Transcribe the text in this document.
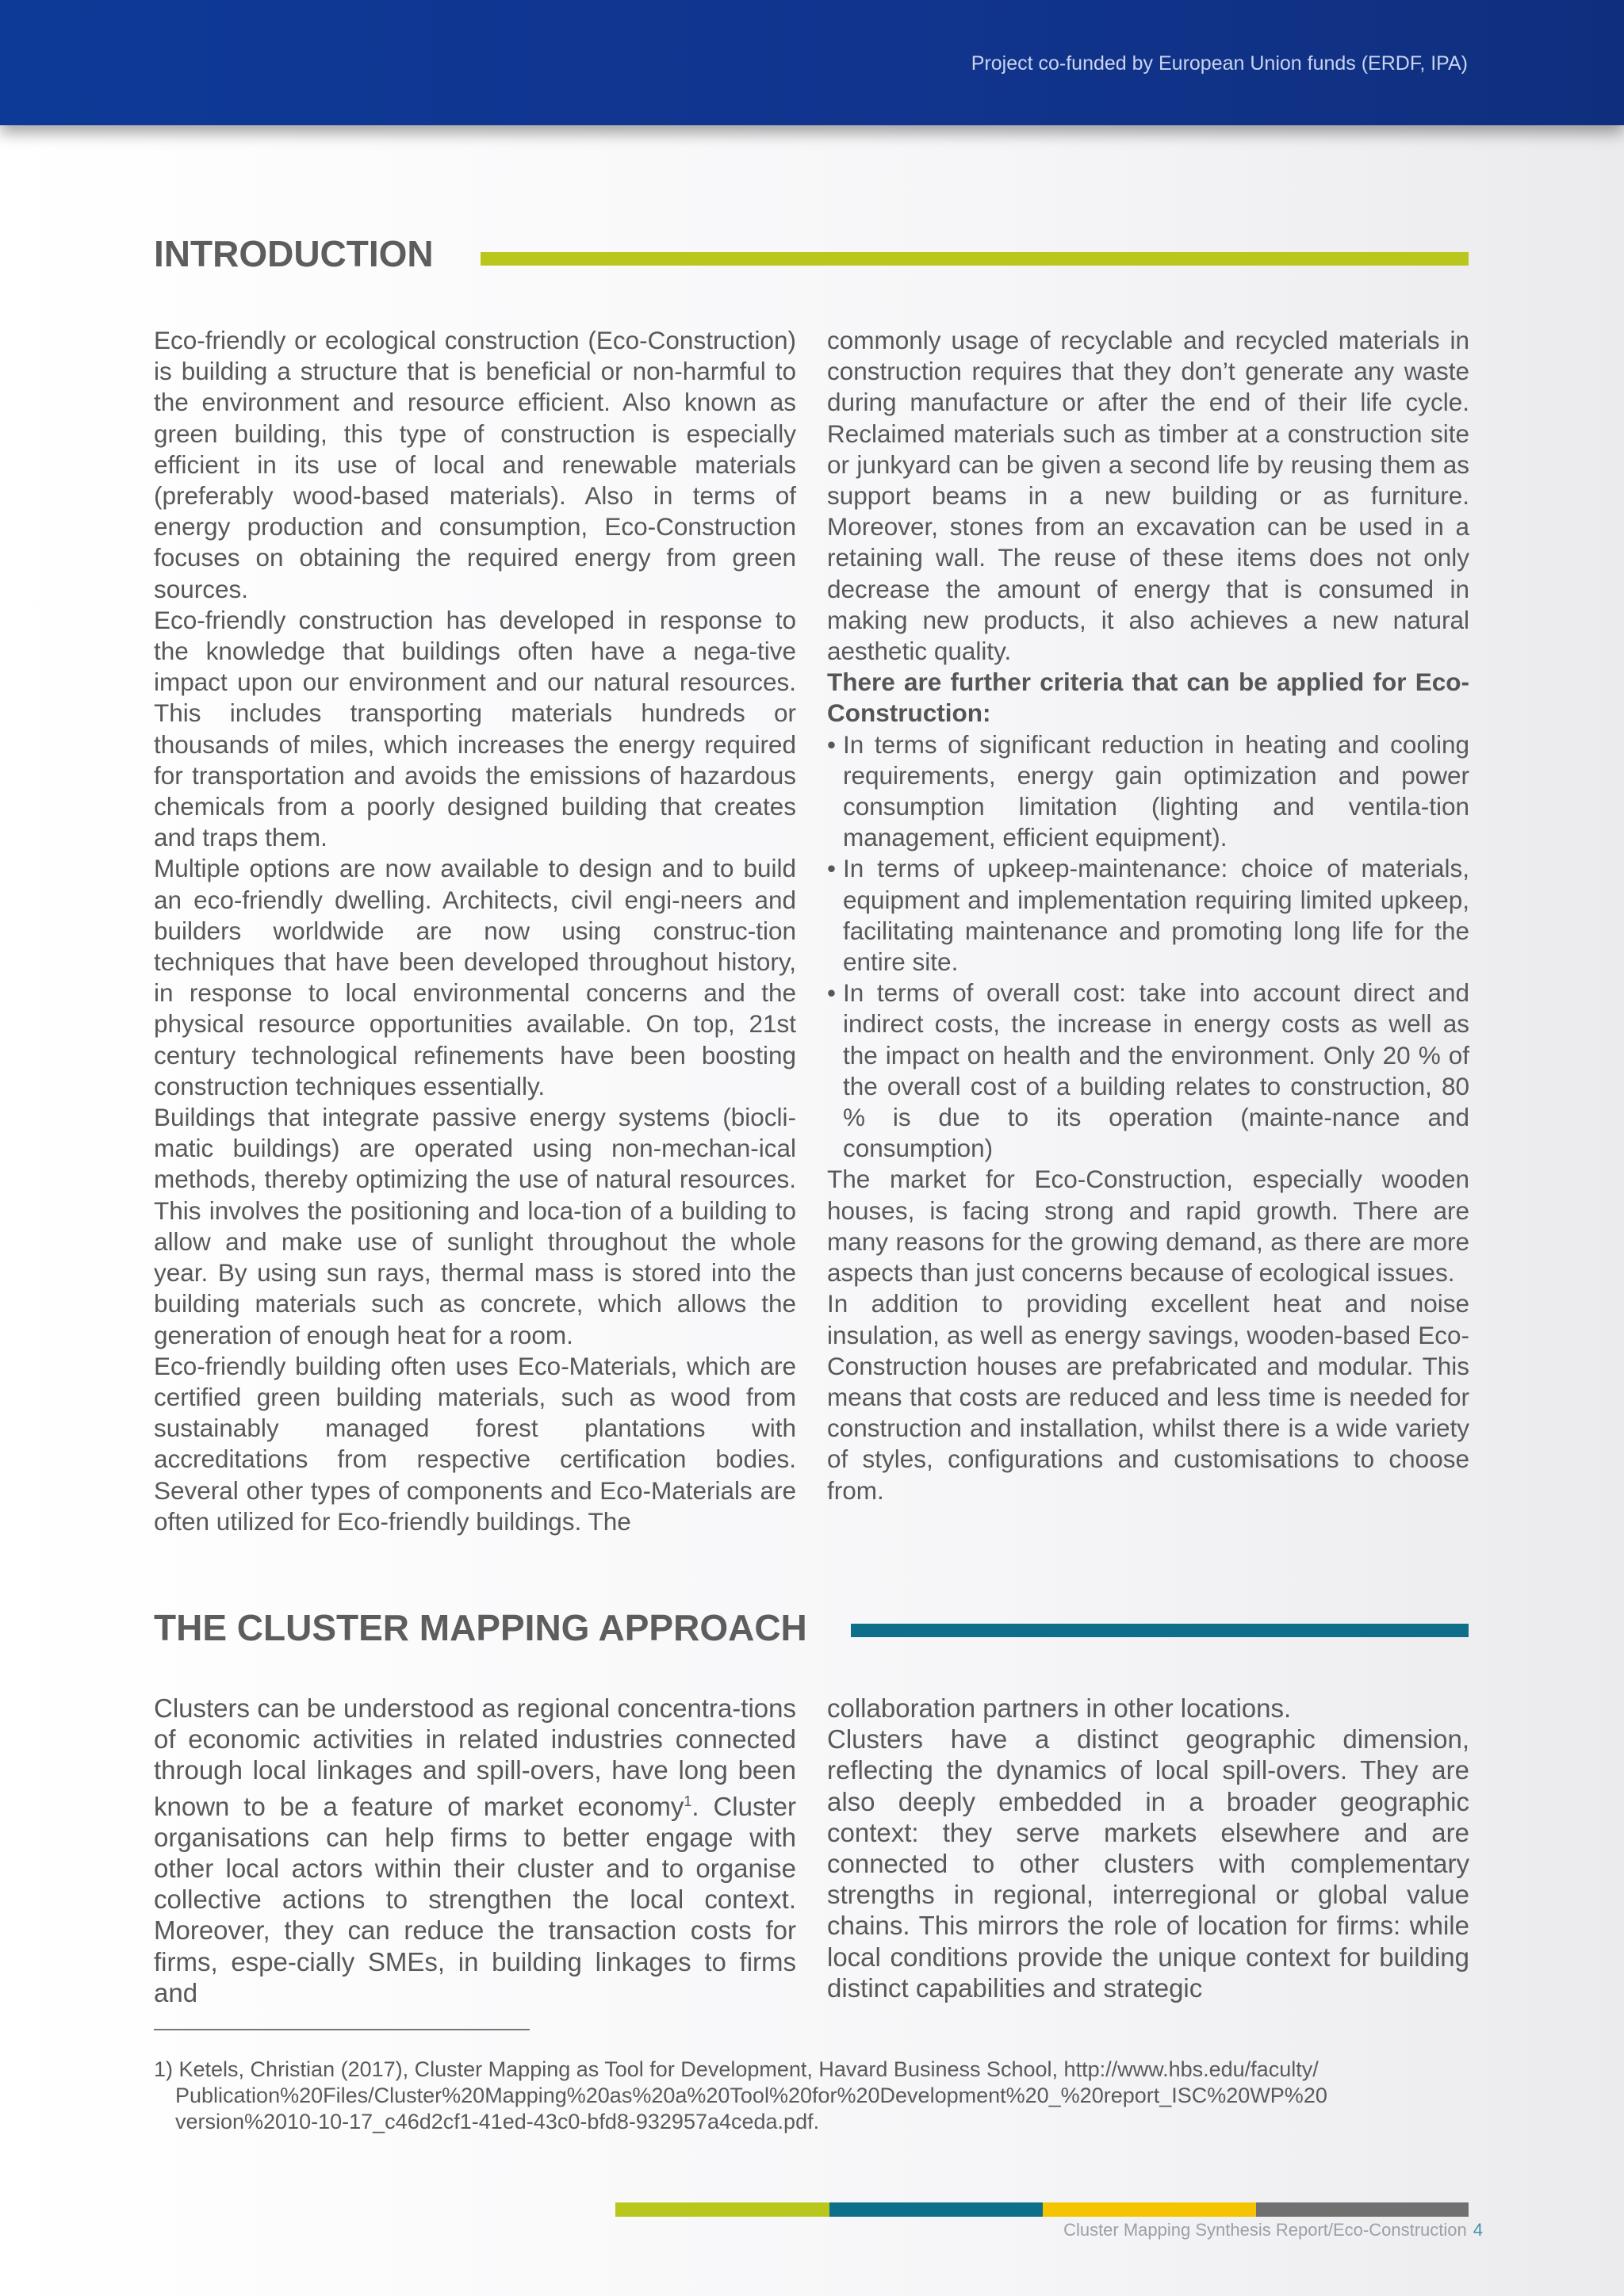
Project co-funded by European Union funds (ERDF, IPA)
INTRODUCTION

Eco-friendly or ecological construction (Eco-Construction) is building a structure that is beneficial or non-harmful to the environment and resource efficient. Also known as green building, this type of construction is especially efficient in its use of local and renewable materials (preferably wood-based materials). Also in terms of energy production and consumption, Eco-Construction focuses on obtaining the required energy from green sources.

Eco-friendly construction has developed in response to the knowledge that buildings often have a nega-tive impact upon our environment and our natural resources. This includes transporting materials hundreds or thousands of miles, which increases the energy required for transportation and avoids the emissions of hazardous chemicals from a poorly designed building that creates and traps them.

Multiple options are now available to design and to build an eco-friendly dwelling. Architects, civil engi-neers and builders worldwide are now using construc-tion techniques that have been developed throughout history, in response to local environmental concerns and the physical resource opportunities available. On top, 21st century technological refinements have been boosting construction techniques essentially.

Buildings that integrate passive energy systems (biocli-matic buildings) are operated using non-mechan-ical methods, thereby optimizing the use of natural resources. This involves the positioning and loca-tion of a building to allow and make use of sunlight throughout the whole year. By using sun rays, thermal mass is stored into the building materials such as concrete, which allows the generation of enough heat for a room.

Eco-friendly building often uses Eco-Materials, which are certified green building materials, such as wood from sustainably managed forest plantations with accreditations from respective certification bodies. Several other types of components and Eco-Materials are often utilized for Eco-friendly buildings. The

commonly usage of recyclable and recycled materials in construction requires that they don’t generate any waste during manufacture or after the end of their life cycle. Reclaimed materials such as timber at a construction site or junkyard can be given a second life by reusing them as support beams in a new building or as furniture. Moreover, stones from an excavation can be used in a retaining wall. The reuse of these items does not only decrease the amount of energy that is consumed in making new products, it also achieves a new natural aesthetic quality.

There are further criteria that can be applied for Eco-Construction:

• In terms of significant reduction in heating and cooling requirements, energy gain optimization and power consumption limitation (lighting and ventila-tion management, efficient equipment).
• In terms of upkeep-maintenance: choice of materials, equipment and implementation requiring limited upkeep, facilitating maintenance and promoting long life for the entire site.
• In terms of overall cost: take into account direct and indirect costs, the increase in energy costs as well as the impact on health and the environment. Only 20 % of the overall cost of a building relates to construction, 80 % is due to its operation (mainte-nance and consumption)

The market for Eco-Construction, especially wooden houses, is facing strong and rapid growth. There are many reasons for the growing demand, as there are more aspects than just concerns because of ecological issues.

In addition to providing excellent heat and noise insulation, as well as energy savings, wooden-based Eco-Construction houses are prefabricated and modular. This means that costs are reduced and less time is needed for construction and installation, whilst there is a wide variety of styles, configurations and customisations to choose from.

THE CLUSTER MAPPING APPROACH

Clusters can be understood as regional concentra-tions of economic activities in related industries connected through local linkages and spill-overs, have long been known to be a feature of market economy$^1$. Cluster organisations can help firms to better engage with other local actors within their cluster and to organise collective actions to strengthen the local context. Moreover, they can reduce the transaction costs for firms, espe-cially SMEs, in building linkages to firms and

collaboration partners in other locations.

Clusters have a distinct geographic dimension, reflecting the dynamics of local spill-overs. They are also deeply embedded in a broader geographic context: they serve markets elsewhere and are connected to other clusters with complementary strengths in regional, interregional or global value chains. This mirrors the role of location for firms: while local conditions provide the unique context for building distinct capabilities and strategic

1) Ketels, Christian (2017), Cluster Mapping as Tool for Development, Havard Business School, http://www.hbs.edu/faculty/
Publication%20Files/Cluster%20Mapping%20as%20a%20Tool%20for%20Development%20_%20report_ISC%20WP%20
version%2010-10-17_c46d2cf1-41ed-43c0-bfd8-932957a4ceda.pdf.
Cluster Mapping Synthesis Report/Eco-Construction 4
